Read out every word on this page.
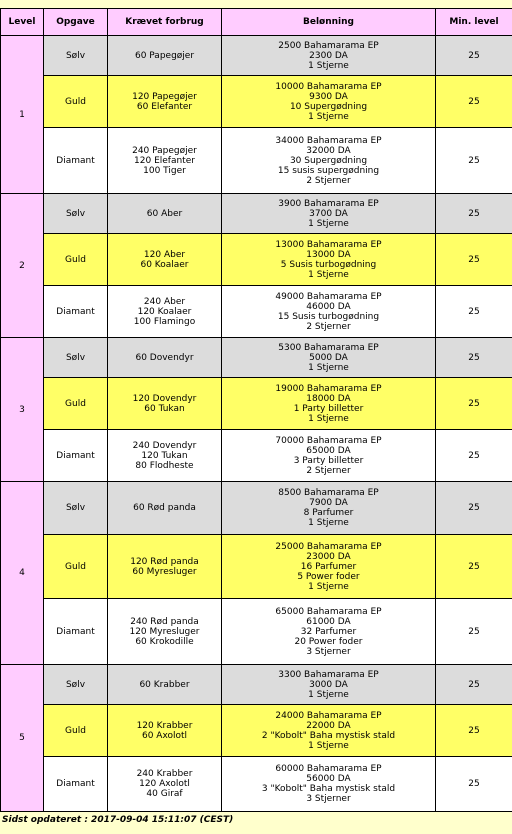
Level	Opgave	Krævet forbrug	Belønning	Min. level
1	Sølv	60 Papegøjer	2500 Bahamarama EP
2300 DA
1 Stjerne	25
	Guld	120 Papegøjer
60 Elefanter	10000 Bahamarama EP
9300 DA
10 Supergødning
1 Stjerne	25
	Diamant	240 Papegøjer
120 Elefanter
100 Tiger	34000 Bahamarama EP
32000 DA
30 Supergødning
15 susis supergødning
2 Stjerner	25
2	Sølv	60 Aber	3900 Bahamarama EP
3700 DA
1 Stjerne	25
	Guld	120 Aber
60 Koalaer	13000 Bahamarama EP
13000 DA
5 Susis turbogødning
1 Stjerne	25
	Diamant	240 Aber
120 Koalaer
100 Flamingo	49000 Bahamarama EP
46000 DA
15 Susis turbogødning
2 Stjerner	25
3	Sølv	60 Dovendyr	5300 Bahamarama EP
5000 DA
1 Stjerne	25
	Guld	120 Dovendyr
60 Tukan	19000 Bahamarama EP
18000 DA
1 Party billetter
1 Stjerne	25
	Diamant	240 Dovendyr
120 Tukan
80 Flodheste	70000 Bahamarama EP
65000 DA
3 Party billetter
2 Stjerner	25
4	Sølv	60 Rød panda	8500 Bahamarama EP
7900 DA
8 Parfumer
1 Stjerne	25
	Guld	120 Rød panda
60 Myresluger	25000 Bahamarama EP
23000 DA
16 Parfumer
5 Power foder
1 Stjerne	25
	Diamant	240 Rød panda
120 Myresluger
60 Krokodille	65000 Bahamarama EP
61000 DA
32 Parfumer
20 Power foder
3 Stjerner	25
5	Sølv	60 Krabber	3300 Bahamarama EP
3000 DA
1 Stjerne	25
	Guld	120 Krabber
60 Axolotl	24000 Bahamarama EP
22000 DA
2 "Kobolt" Baha mystisk stald
1 Stjerne	25
	Diamant	240 Krabber
120 Axolotl
40 Giraf	60000 Bahamarama EP
56000 DA
3 "Kobolt" Baha mystisk stald
3 Stjerner	25
Sidst opdateret : 2017-09-04 15:11:07 (CEST)
